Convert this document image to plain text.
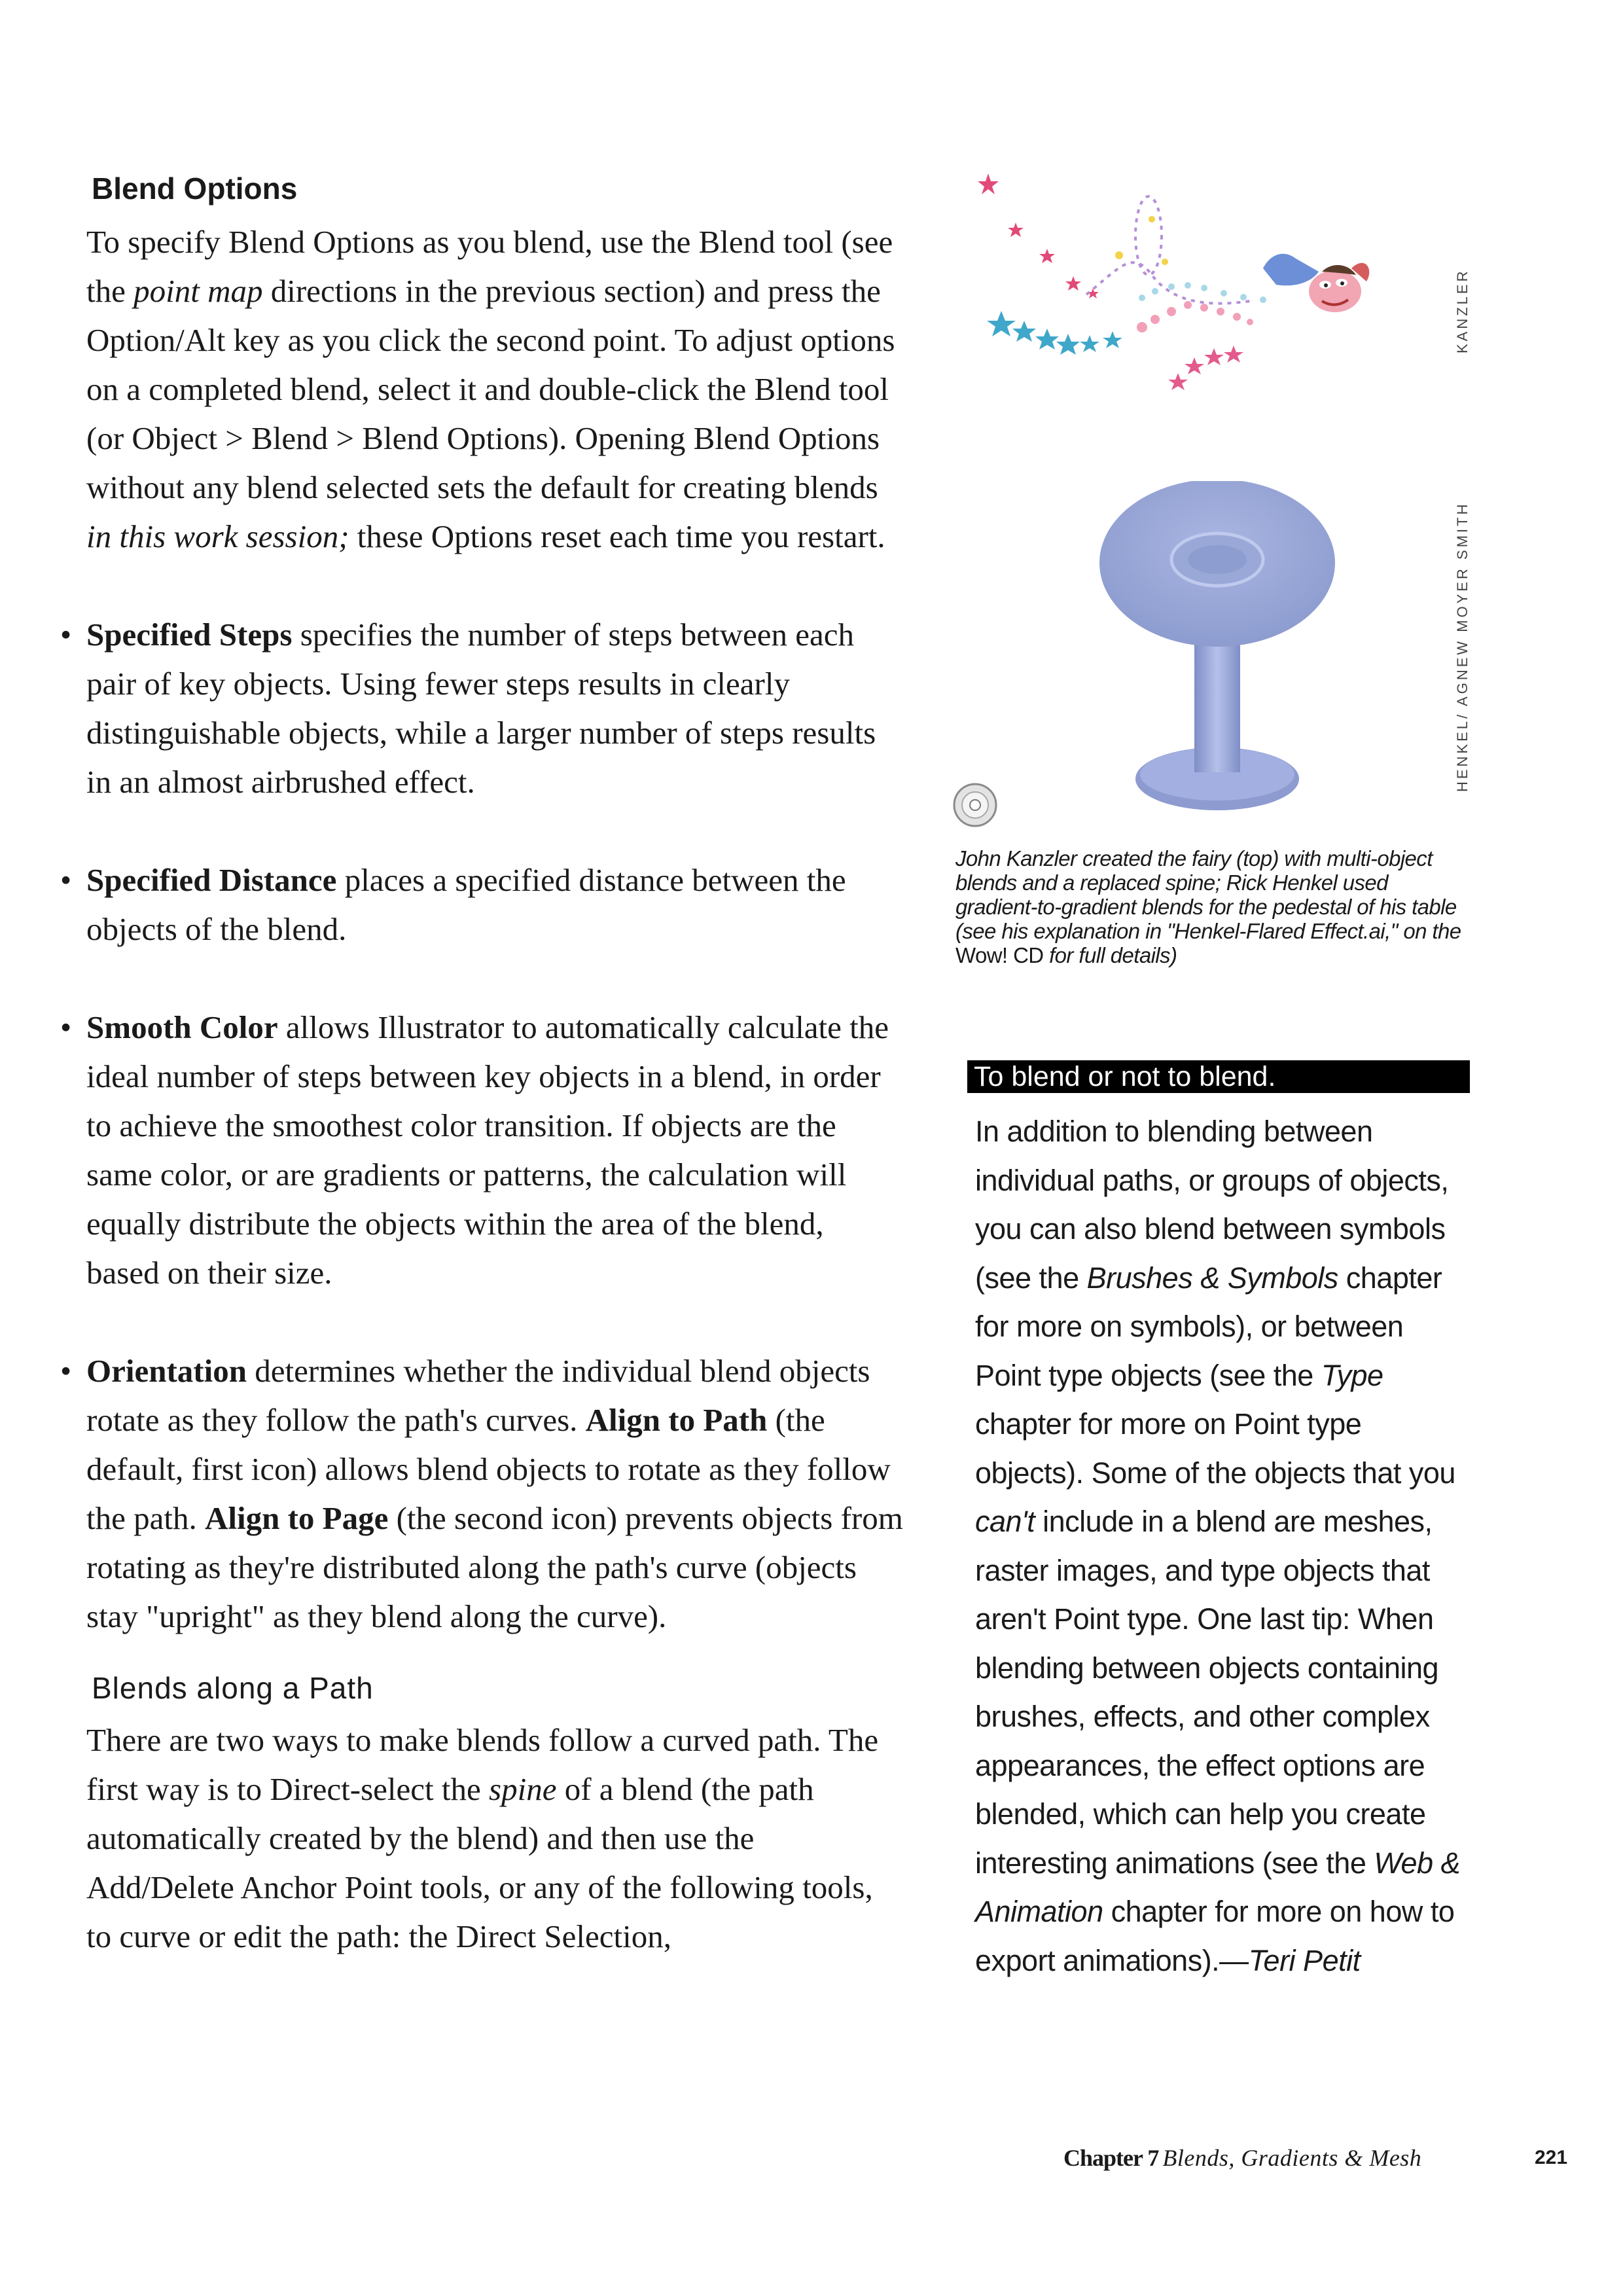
Blend Options

To specify Blend Options as you blend, use the Blend tool (see the point map directions in the previous section) and press the Option/Alt key as you click the second point. To adjust options on a completed blend, select it and double-click the Blend tool (or Object > Blend > Blend Options). Opening Blend Options without any blend selected sets the default for creating blends in this work session; these Options reset each time you restart.

• Specified Steps specifies the number of steps between each pair of key objects. Using fewer steps results in clearly distinguishable objects, while a larger number of steps results in an almost airbrushed effect.

• Specified Distance places a specified distance between the objects of the blend.

• Smooth Color allows Illustrator to automatically calculate the ideal number of steps between key objects in a blend, in order to achieve the smoothest color transition. If objects are the same color, or are gradients or patterns, the calculation will equally distribute the objects within the area of the blend, based on their size.

• Orientation determines whether the individual blend objects rotate as they follow the path's curves. Align to Path (the default, first icon) allows blend objects to rotate as they follow the path. Align to Page (the second icon) prevents objects from rotating as they're distributed along the path's curve (objects stay "upright" as they blend along the curve).

Blends along a Path

There are two ways to make blends follow a curved path. The first way is to Direct-select the spine of a blend (the path automatically created by the blend) and then use the Add/Delete Anchor Point tools, or any of the following tools, to curve or edit the path: the Direct Selection,

KANZLER
HENKEL/ AGNEW MOYER SMITH
John Kanzler created the fairy (top) with multi-object blends and a replaced spine; Rick Henkel used gradient-to-gradient blends for the pedestal of his table (see his explanation in "Henkel-Flared Effect.ai," on the Wow! CD for full details)
To blend or not to blend.
In addition to blending between individual paths, or groups of objects, you can also blend between symbols (see the Brushes & Symbols chapter for more on symbols), or between Point type objects (see the Type chapter for more on Point type objects). Some of the objects that you can't include in a blend are meshes, raster images, and type objects that aren't Point type. One last tip: When blending between objects containing brushes, effects, and other complex appearances, the effect options are blended, which can help you create interesting animations (see the Web & Animation chapter for more on how to export animations).—Teri Petit
Chapter 7 Blends, Gradients & Mesh	221
